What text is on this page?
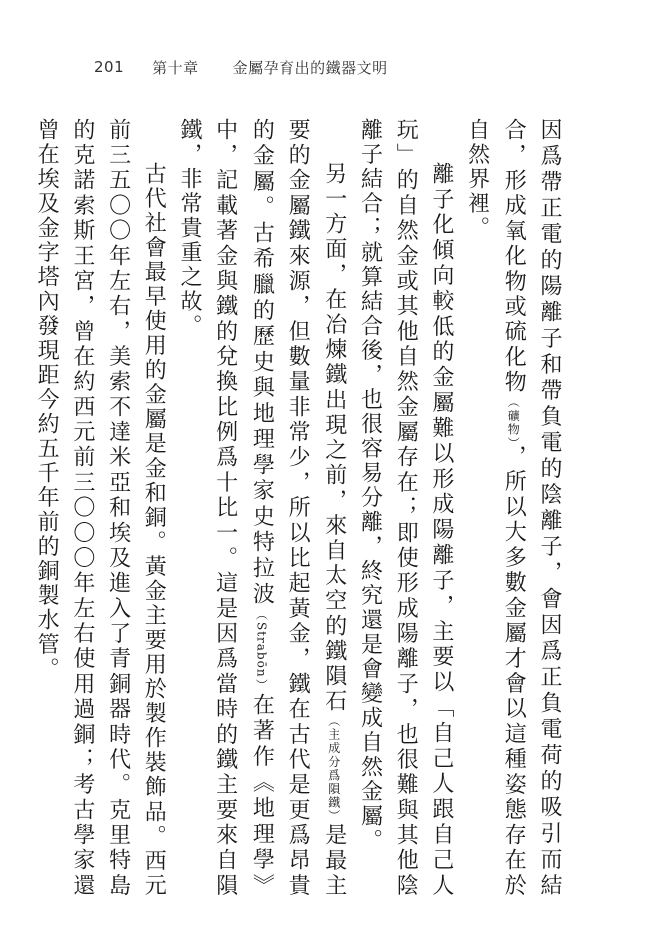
201 第十章 金屬孕育出的鐵器文明

因爲帶正電的陽離子和帶負電的陰離子，會因爲正負電荷的吸引而結合，形成氧化物或硫化物（礦物），所以大多數金屬才會以這種姿態存在於自然界裡。

離子化傾向較低的金屬難以形成陽離子，主要以「自己人跟自己人玩」的自然金或其他自然金屬存在；即使形成陽離子，也很難與其他陰離子結合；就算結合後，也很容易分離，終究還是會變成自然金屬。

另一方面，在冶煉鐵出現之前，來自太空的鐵隕石（主成分爲隕鐵）是最主要的金屬鐵來源，但數量非常少，所以比起黃金，鐵在古代是更爲昂貴的金屬。古希臘的歷史與地理學家史特拉波（Strabōn）在著作《地理學》中，記載著金與鐵的兌換比例爲十比一。這是因爲當時的鐵主要來自隕鐵，非常貴重之故。

古代社會最早使用的金屬是金和銅。黃金主要用於製作裝飾品。西元前三五〇〇年左右，美索不達米亞和埃及進入了青銅器時代。克里特島的克諾索斯王宮，曾在約西元前三〇〇〇年左右使用過銅；考古學家還曾在埃及金字塔內發現距今約五千年前的銅製水管。
